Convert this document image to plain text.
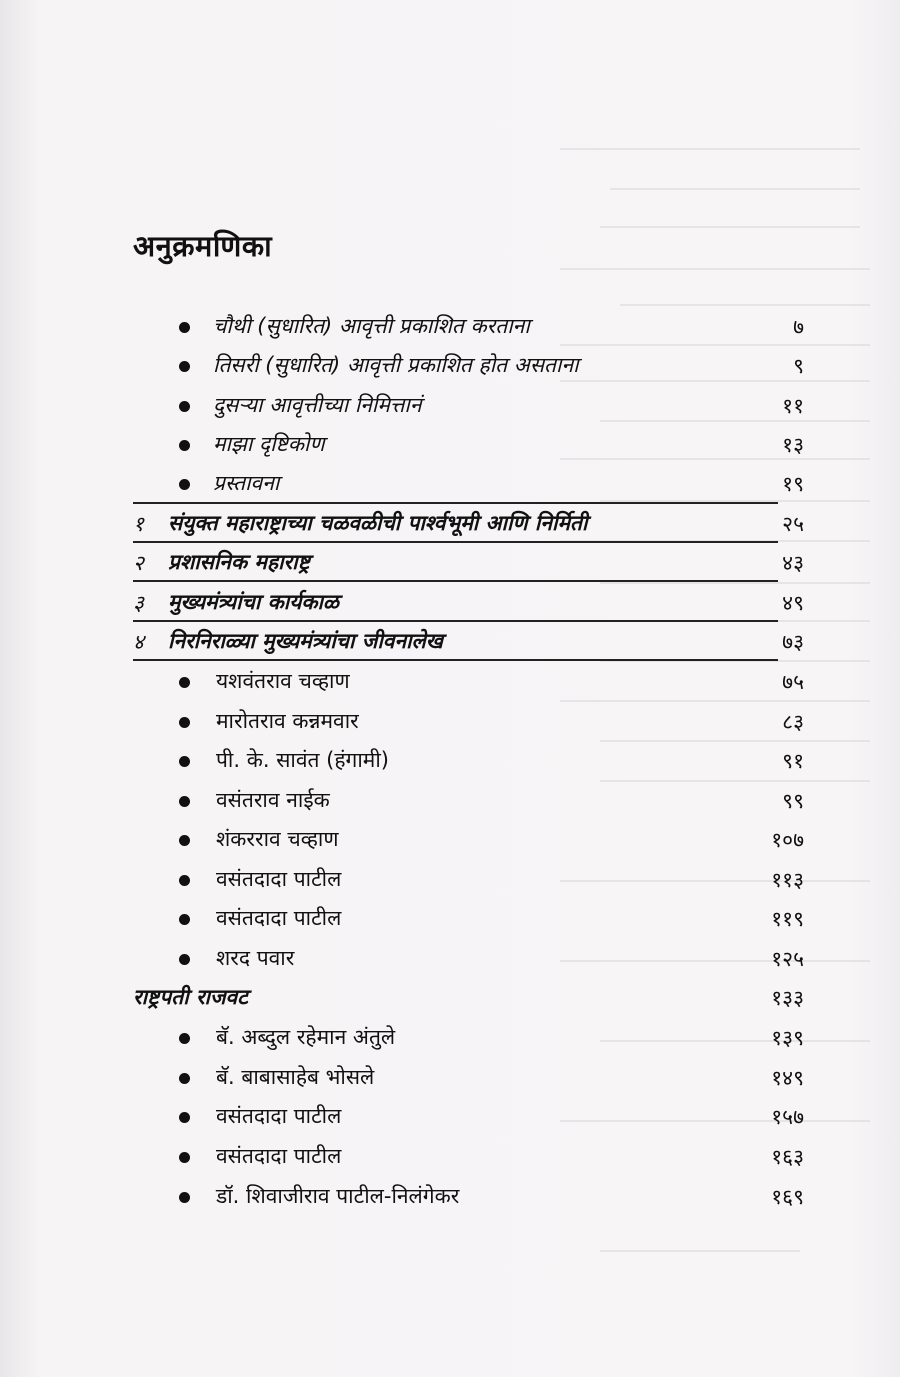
अनुक्रमणिका
चौथी (सुधारित) आवृत्ती प्रकाशित करताना	७
तिसरी (सुधारित) आवृत्ती प्रकाशित होत असताना	९
दुसऱ्या आवृत्तीच्या निमित्तानं	११
माझा दृष्टिकोण	१३
प्रस्तावना	१९
१ संयुक्त महाराष्ट्राच्या चळवळीची पार्श्वभूमी आणि निर्मिती	२५
२ प्रशासनिक महाराष्ट्र	४३
३ मुख्यमंत्र्यांचा कार्यकाळ	४९
४ निरनिराळ्या मुख्यमंत्र्यांचा जीवनालेख	७३
यशवंतराव चव्हाण	७५
मारोतराव कन्नमवार	८३
पी. के. सावंत (हंगामी)	९१
वसंतराव नाईक	९९
शंकरराव चव्हाण	१०७
वसंतदादा पाटील	११३
वसंतदादा पाटील	११९
शरद पवार	१२५
राष्ट्रपती राजवट	१३३
बॅ. अब्दुल रहेमान अंतुले	१३९
बॅ. बाबासाहेब भोसले	१४९
वसंतदादा पाटील	१५७
वसंतदादा पाटील	१६३
डॉ. शिवाजीराव पाटील-निलंगेकर	१६९
